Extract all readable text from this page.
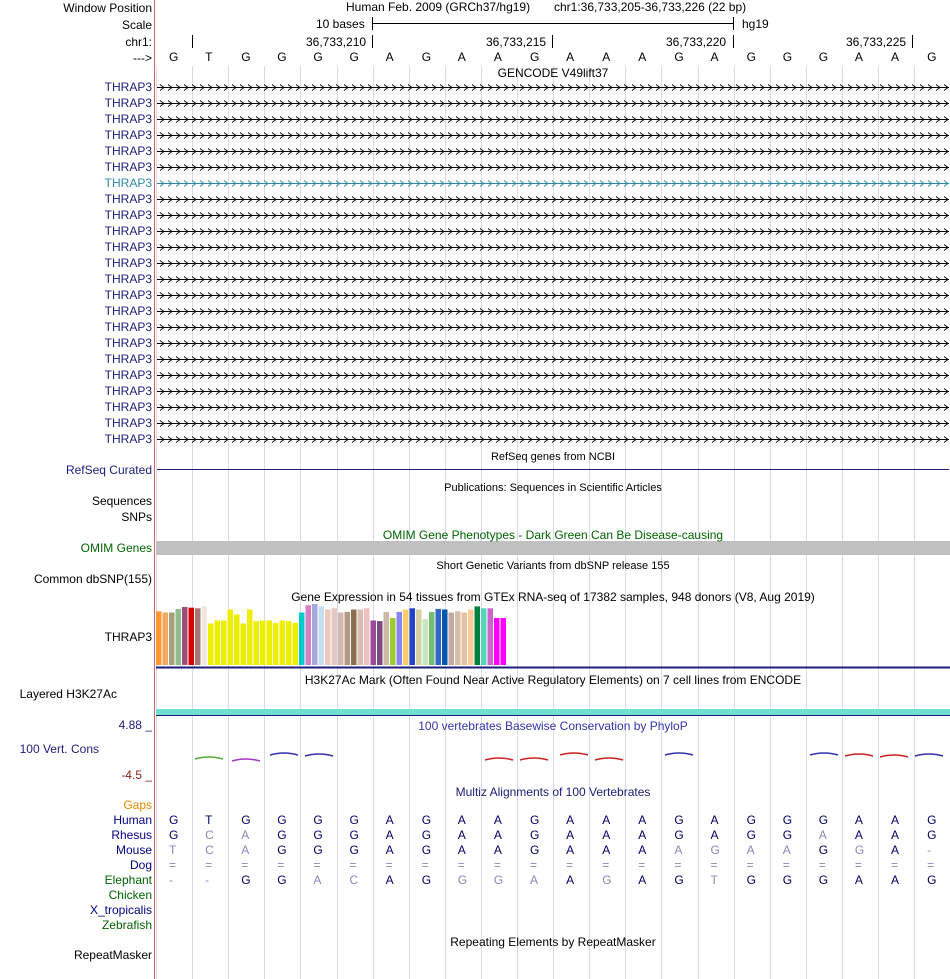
Window Position
Scale
chr1:
--->
Human Feb. 2009 (GRCh37/hg19) chr1:36,733,205-36,733,226 (22 bp)
10 bases	hg19
36,733,210	36,733,215	36,733,220	36,733,225
G T G G G G A G A A G A A A G A G G G A A G
GENCODE V49lift37
THRAP3
THRAP3
THRAP3
THRAP3
THRAP3
THRAP3
THRAP3
THRAP3
THRAP3
THRAP3
THRAP3
THRAP3
THRAP3
THRAP3
THRAP3
THRAP3
THRAP3
THRAP3
THRAP3
THRAP3
THRAP3
THRAP3
THRAP3
RefSeq genes from NCBI
RefSeq Curated
Publications: Sequences in Scientific Articles
Sequences
SNPs
OMIM Gene Phenotypes - Dark Green Can Be Disease-causing
OMIM Genes
Short Genetic Variants from dbSNP release 155
Common dbSNP(155)
Gene Expression in 54 tissues from GTEx RNA-seq of 17382 samples, 948 donors (V8, Aug 2019)
THRAP3
H3K27Ac Mark (Often Found Near Active Regulatory Elements) on 7 cell lines from ENCODE
Layered H3K27Ac
100 vertebrates Basewise Conservation by PhyloP
4.88 _
100 Vert. Cons
-4.5 _
Multiz Alignments of 100 Vertebrates
Gaps
Human G T G G G G A G A A G A A A G A G G G A A G
Rhesus G C A G G G A G A A G A A A G A G G A A A G
Mouse T C A G G G A G A A G A A A A G A A G G A -
Dog = = = = = = = = = = = = = = = = = = = = = =
Elephant -	-	G G A C A G G G A A G A G T G G G A A G
Chicken
X_tropicalis
Zebrafish
Repeating Elements by RepeatMasker
RepeatMasker
